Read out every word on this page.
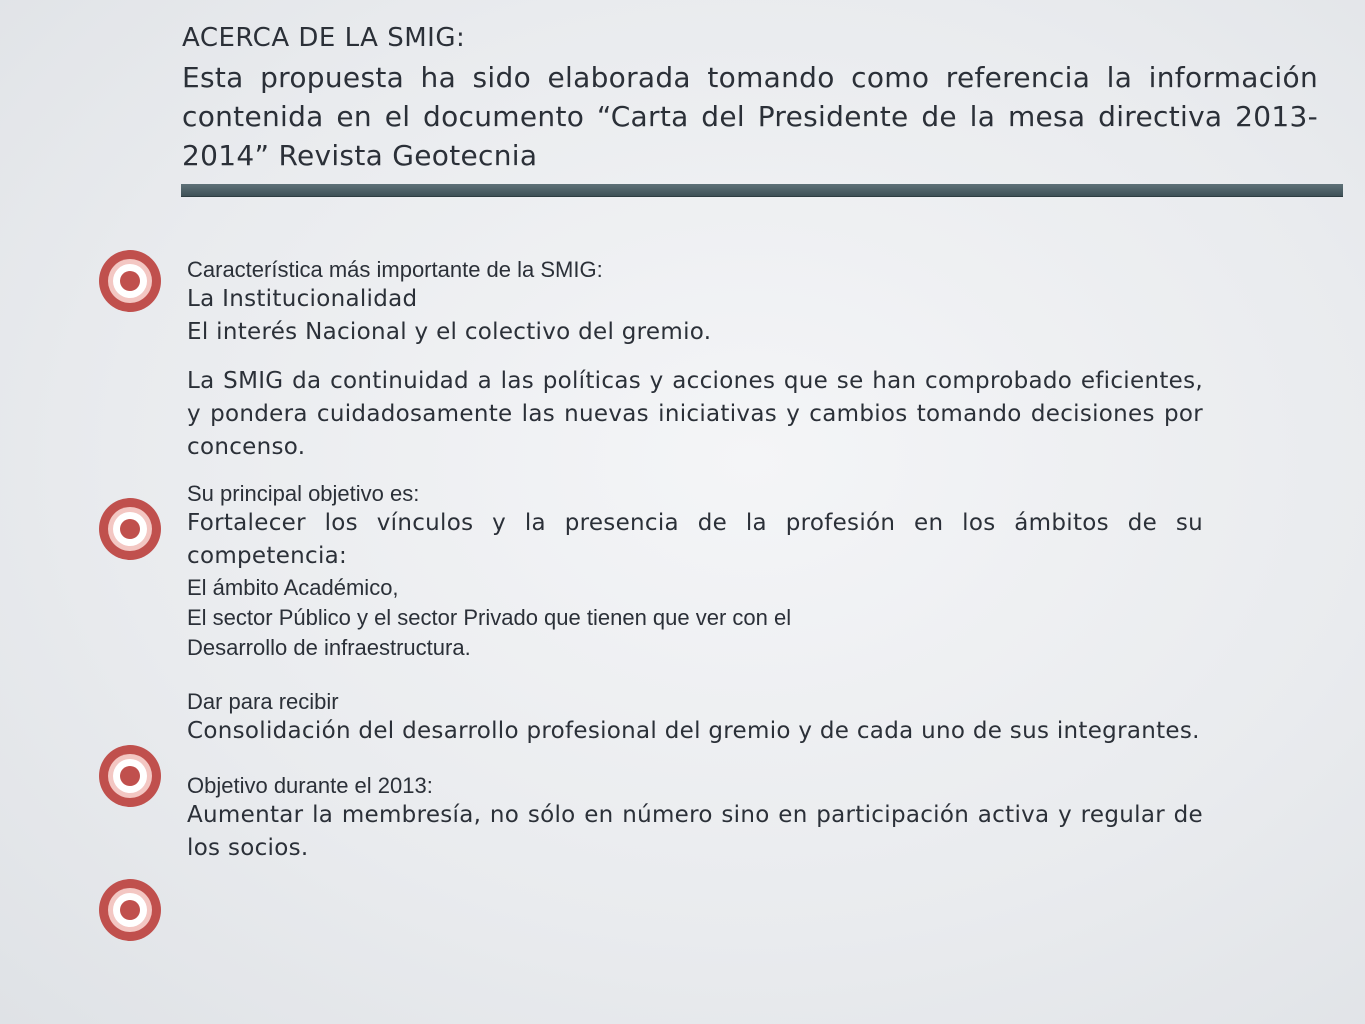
ACERCA DE LA SMIG:

Esta propuesta ha sido elaborada tomando como referencia la información contenida en el documento “Carta del Presidente de la mesa directiva 2013-2014” Revista Geotecnia

Característica más importante de la SMIG:

La Institucionalidad

El interés Nacional y el colectivo del gremio.

La SMIG da continuidad a las políticas y acciones que se han comprobado eficientes, y pondera cuidadosamente las nuevas iniciativas y cambios tomando decisiones por concenso.

Su principal objetivo es:

Fortalecer los vínculos y la presencia de la profesión en los ámbitos de su competencia:

El ámbito Académico,

El sector Público y el sector Privado que tienen que ver con el

Desarrollo de infraestructura.

Dar para recibir

Consolidación del desarrollo profesional del gremio y de cada uno de sus integrantes.

Objetivo durante el 2013:

Aumentar la membresía, no sólo en número sino en participación activa y regular de los socios.
